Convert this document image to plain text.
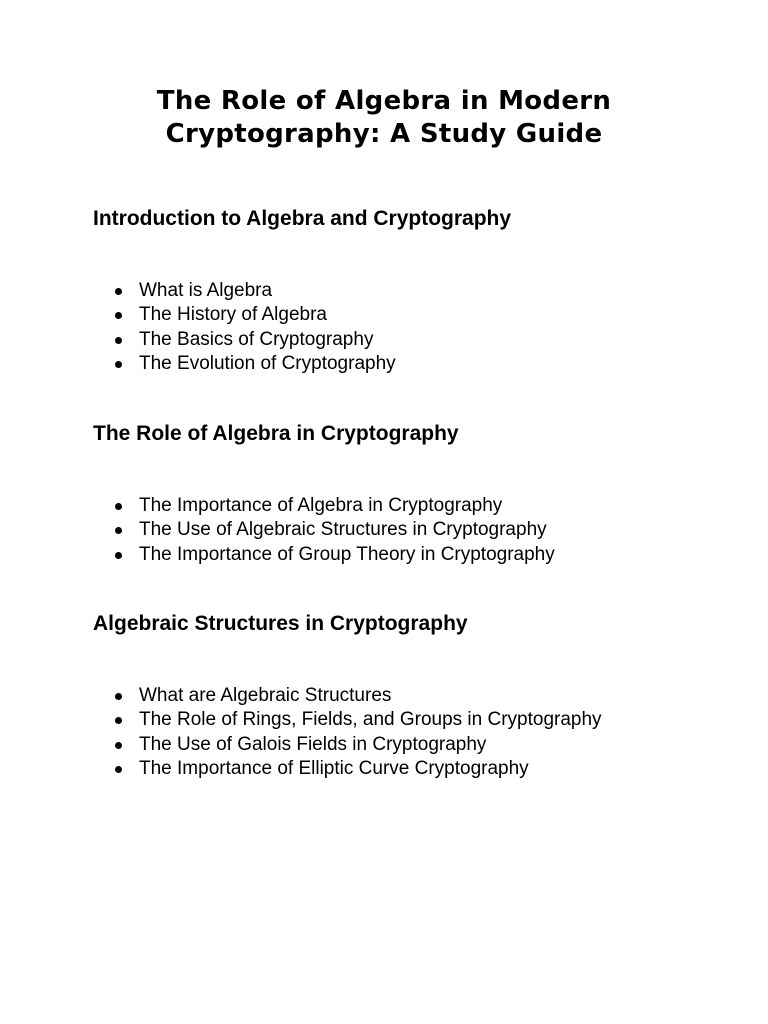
The Role of Algebra in Modern
Cryptography: A Study Guide
Introduction to Algebra and Cryptography
What is Algebra
The History of Algebra
The Basics of Cryptography
The Evolution of Cryptography
The Role of Algebra in Cryptography
The Importance of Algebra in Cryptography
The Use of Algebraic Structures in Cryptography
The Importance of Group Theory in Cryptography
Algebraic Structures in Cryptography
What are Algebraic Structures
The Role of Rings, Fields, and Groups in Cryptography
The Use of Galois Fields in Cryptography
The Importance of Elliptic Curve Cryptography
